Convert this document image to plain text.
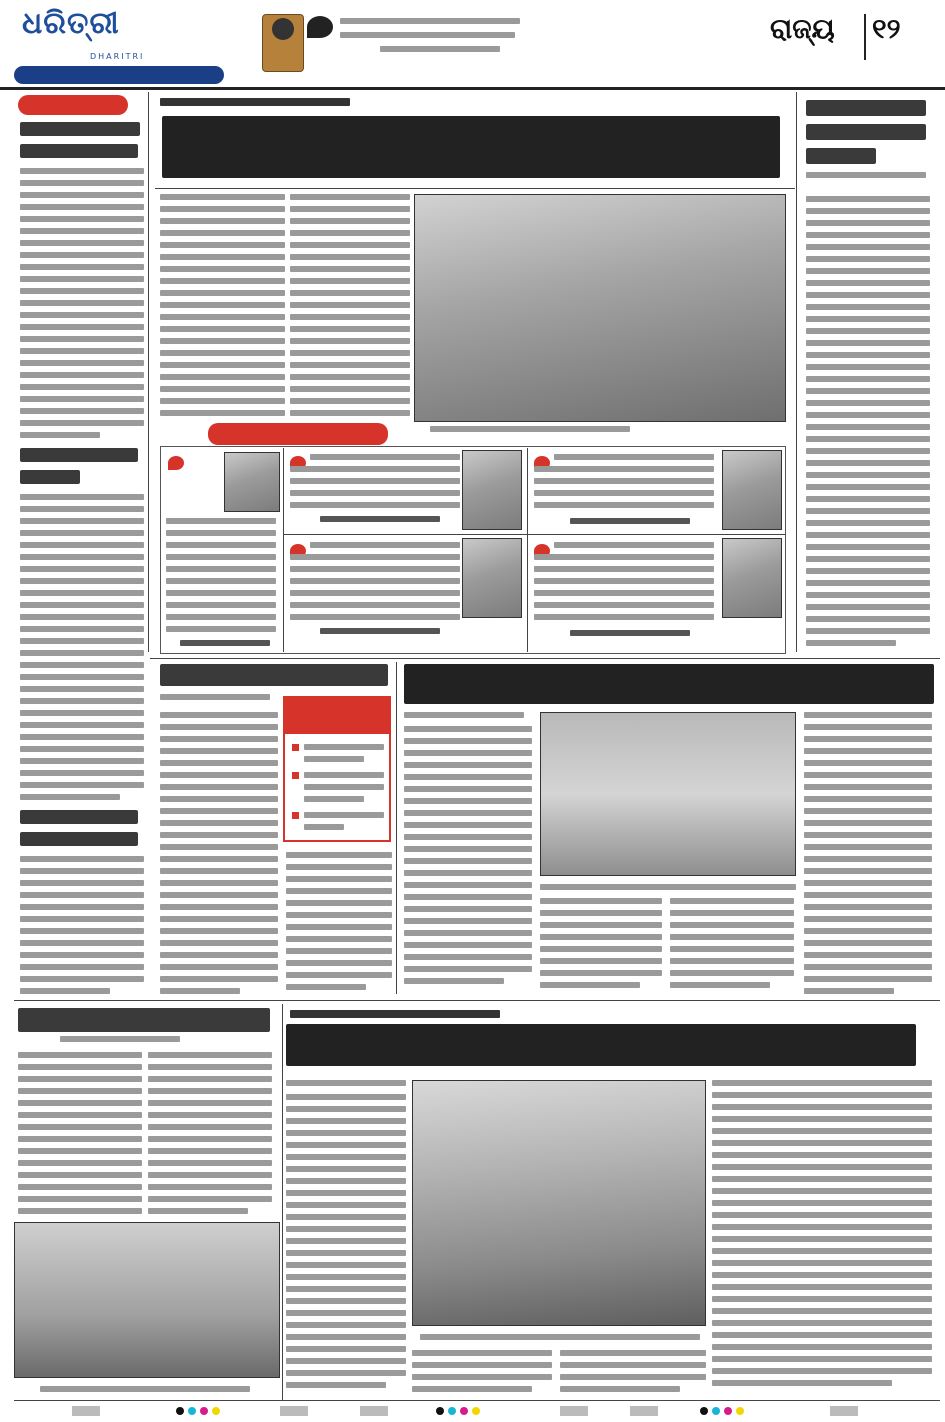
ଧରିତ୍ରୀ
DHARITRI
ରାଜ୍ୟ ୧୨
